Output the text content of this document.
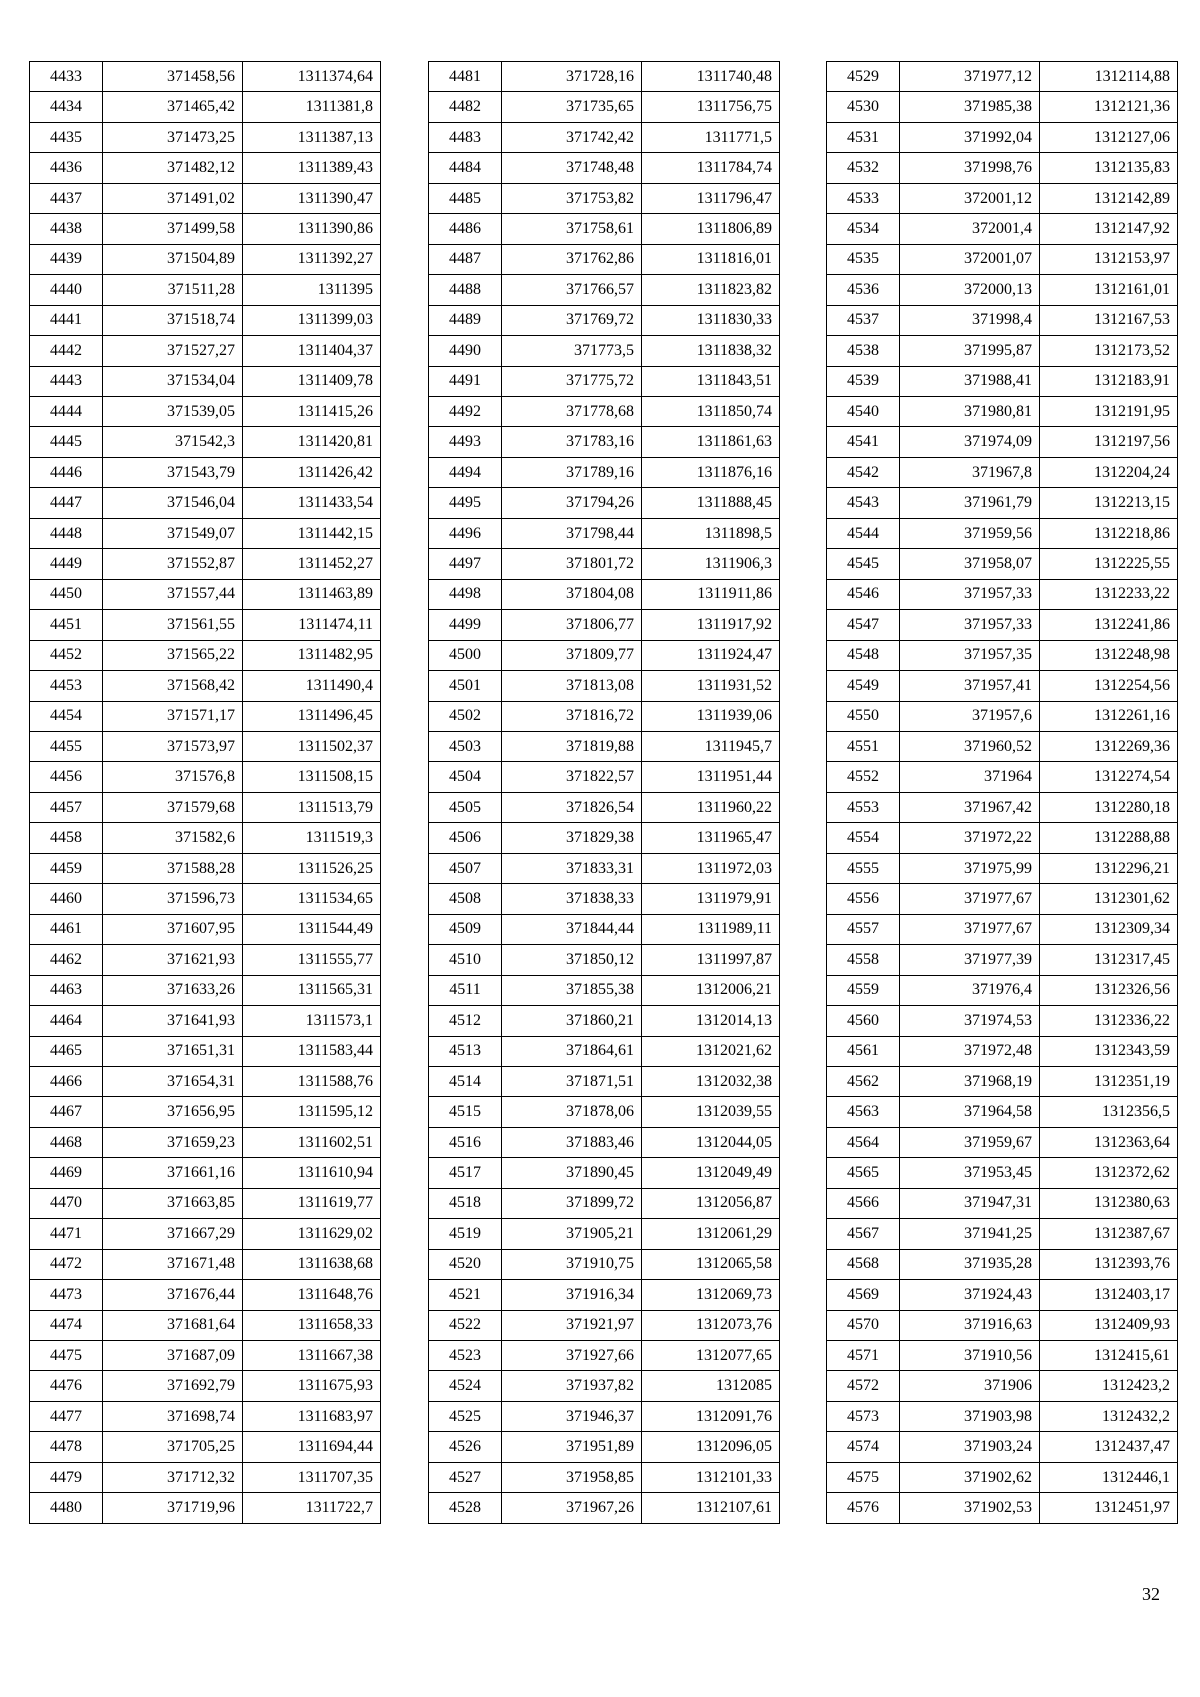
4433	371458,56	1311374,64
4434	371465,42	1311381,8
4435	371473,25	1311387,13
4436	371482,12	1311389,43
4437	371491,02	1311390,47
4438	371499,58	1311390,86
4439	371504,89	1311392,27
4440	371511,28	1311395
4441	371518,74	1311399,03
4442	371527,27	1311404,37
4443	371534,04	1311409,78
4444	371539,05	1311415,26
4445	371542,3	1311420,81
4446	371543,79	1311426,42
4447	371546,04	1311433,54
4448	371549,07	1311442,15
4449	371552,87	1311452,27
4450	371557,44	1311463,89
4451	371561,55	1311474,11
4452	371565,22	1311482,95
4453	371568,42	1311490,4
4454	371571,17	1311496,45
4455	371573,97	1311502,37
4456	371576,8	1311508,15
4457	371579,68	1311513,79
4458	371582,6	1311519,3
4459	371588,28	1311526,25
4460	371596,73	1311534,65
4461	371607,95	1311544,49
4462	371621,93	1311555,77
4463	371633,26	1311565,31
4464	371641,93	1311573,1
4465	371651,31	1311583,44
4466	371654,31	1311588,76
4467	371656,95	1311595,12
4468	371659,23	1311602,51
4469	371661,16	1311610,94
4470	371663,85	1311619,77
4471	371667,29	1311629,02
4472	371671,48	1311638,68
4473	371676,44	1311648,76
4474	371681,64	1311658,33
4475	371687,09	1311667,38
4476	371692,79	1311675,93
4477	371698,74	1311683,97
4478	371705,25	1311694,44
4479	371712,32	1311707,35
4480	371719,96	1311722,7
4481	371728,16	1311740,48
4482	371735,65	1311756,75
4483	371742,42	1311771,5
4484	371748,48	1311784,74
4485	371753,82	1311796,47
4486	371758,61	1311806,89
4487	371762,86	1311816,01
4488	371766,57	1311823,82
4489	371769,72	1311830,33
4490	371773,5	1311838,32
4491	371775,72	1311843,51
4492	371778,68	1311850,74
4493	371783,16	1311861,63
4494	371789,16	1311876,16
4495	371794,26	1311888,45
4496	371798,44	1311898,5
4497	371801,72	1311906,3
4498	371804,08	1311911,86
4499	371806,77	1311917,92
4500	371809,77	1311924,47
4501	371813,08	1311931,52
4502	371816,72	1311939,06
4503	371819,88	1311945,7
4504	371822,57	1311951,44
4505	371826,54	1311960,22
4506	371829,38	1311965,47
4507	371833,31	1311972,03
4508	371838,33	1311979,91
4509	371844,44	1311989,11
4510	371850,12	1311997,87
4511	371855,38	1312006,21
4512	371860,21	1312014,13
4513	371864,61	1312021,62
4514	371871,51	1312032,38
4515	371878,06	1312039,55
4516	371883,46	1312044,05
4517	371890,45	1312049,49
4518	371899,72	1312056,87
4519	371905,21	1312061,29
4520	371910,75	1312065,58
4521	371916,34	1312069,73
4522	371921,97	1312073,76
4523	371927,66	1312077,65
4524	371937,82	1312085
4525	371946,37	1312091,76
4526	371951,89	1312096,05
4527	371958,85	1312101,33
4528	371967,26	1312107,61
4529	371977,12	1312114,88
4530	371985,38	1312121,36
4531	371992,04	1312127,06
4532	371998,76	1312135,83
4533	372001,12	1312142,89
4534	372001,4	1312147,92
4535	372001,07	1312153,97
4536	372000,13	1312161,01
4537	371998,4	1312167,53
4538	371995,87	1312173,52
4539	371988,41	1312183,91
4540	371980,81	1312191,95
4541	371974,09	1312197,56
4542	371967,8	1312204,24
4543	371961,79	1312213,15
4544	371959,56	1312218,86
4545	371958,07	1312225,55
4546	371957,33	1312233,22
4547	371957,33	1312241,86
4548	371957,35	1312248,98
4549	371957,41	1312254,56
4550	371957,6	1312261,16
4551	371960,52	1312269,36
4552	371964	1312274,54
4553	371967,42	1312280,18
4554	371972,22	1312288,88
4555	371975,99	1312296,21
4556	371977,67	1312301,62
4557	371977,67	1312309,34
4558	371977,39	1312317,45
4559	371976,4	1312326,56
4560	371974,53	1312336,22
4561	371972,48	1312343,59
4562	371968,19	1312351,19
4563	371964,58	1312356,5
4564	371959,67	1312363,64
4565	371953,45	1312372,62
4566	371947,31	1312380,63
4567	371941,25	1312387,67
4568	371935,28	1312393,76
4569	371924,43	1312403,17
4570	371916,63	1312409,93
4571	371910,56	1312415,61
4572	371906	1312423,2
4573	371903,98	1312432,2
4574	371903,24	1312437,47
4575	371902,62	1312446,1
4576	371902,53	1312451,97
32
